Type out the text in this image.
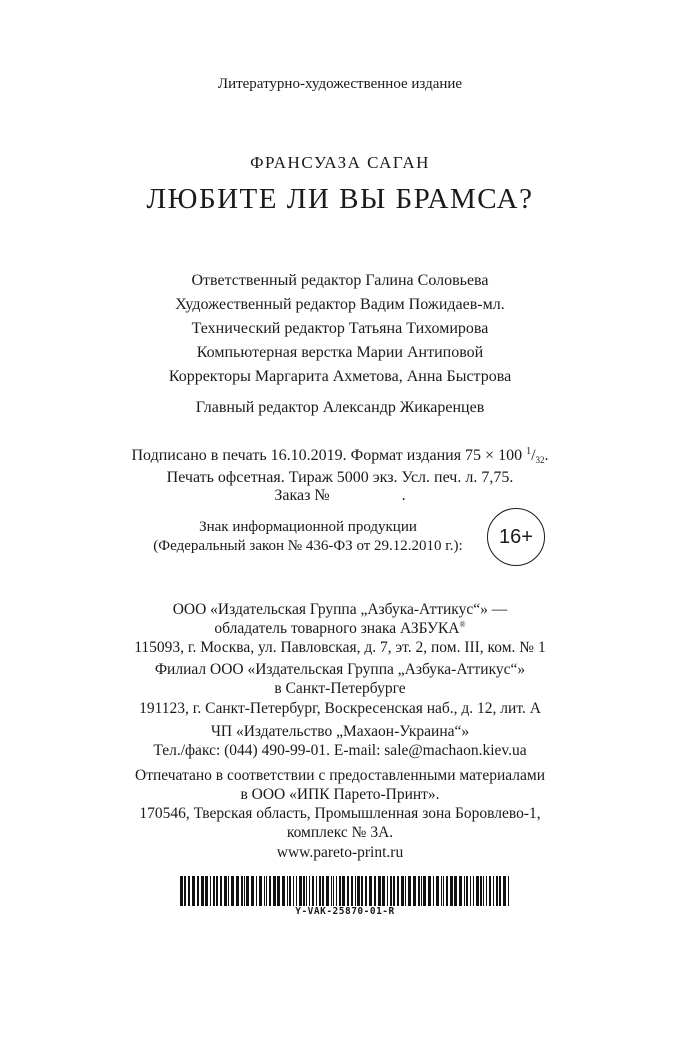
Литературно-художественное издание
ФРАНСУАЗА САГАН
ЛЮБИТЕ ЛИ ВЫ БРАМСА?
Ответственный редактор Галина Соловьева
Художественный редактор Вадим Пожидаев-мл.
Технический редактор Татьяна Тихомирова
Компьютерная верстка Марии Антиповой
Корректоры Маргарита Ахметова, Анна Быстрова
Главный редактор Александр Жикаренцев
Подписано в печать 16.10.2019. Формат издания 75 × 100 $^1$/32.
Печать офсетная. Тираж 5000 экз. Усл. печ. л. 7,75.
Заказ №                  .
Знак информационной продукции
(Федеральный закон № 436-ФЗ от 29.12.2010 г.):	16+
ООО «Издательская Группа „Азбука-Аттикус“» —
обладатель товарного знака АЗБУКА®
115093, г. Москва, ул. Павловская, д. 7, эт. 2, пом. III, ком. № 1
Филиал ООО «Издательская Группа „Азбука-Аттикус“»
в Санкт-Петербурге
191123, г. Санкт-Петербург, Воскресенская наб., д. 12, лит. А
ЧП «Издательство „Махаон-Украина“»
Тел./факс: (044) 490-99-01. E-mail: sale@machaon.kiev.ua
Отпечатано в соответствии с предоставленными материалами
в ООО «ИПК Парето-Принт».
170546, Тверская область, Промышленная зона Боровлево-1,
комплекс № 3А.
www.pareto-print.ru
Y-VAK-25870-01-R
